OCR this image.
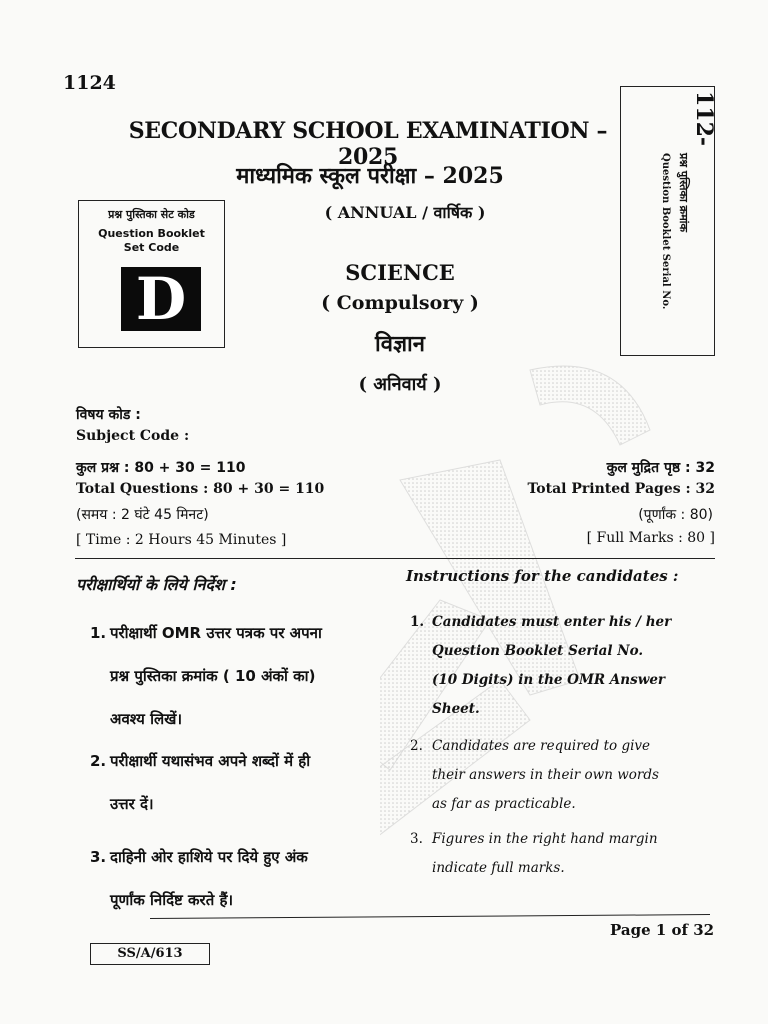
1124
SECONDARY SCHOOL EXAMINATION – 2025
माध्यमिक स्कूल परीक्षा – 2025
( ANNUAL / वार्षिक )
प्रश्न पुस्तिका सेट कोड
Question Booklet
Set Code
D
112-
प्रश्न पुस्तिका क्रमांक
Question Booklet Serial No.
SCIENCE
( Compulsory )
विज्ञान
( अनिवार्य )
विषय कोड :
Subject Code :
कुल प्रश्न : 80 + 30 = 110
Total Questions : 80 + 30 = 110
(समय : 2 घंटे 45 मिनट)
[ Time : 2 Hours 45 Minutes ]
कुल मुद्रित पृष्ठ : 32
Total Printed Pages : 32
(पूर्णांक : 80)
[ Full Marks : 80 ]
परीक्षार्थियों के लिये निर्देश :	Instructions for the candidates :
1. परीक्षार्थी OMR उत्तर पत्रक पर अपना
प्रश्न पुस्तिका क्रमांक ( 10 अंकों का)
अवश्य लिखें।
2. परीक्षार्थी यथासंभव अपने शब्दों में ही
उत्तर दें।
3. दाहिनी ओर हाशिये पर दिये हुए अंक
पूर्णांक निर्दिष्ट करते हैं।
1. Candidates must enter his / her
Question Booklet Serial No.
(10 Digits) in the OMR Answer
Sheet.
2. Candidates are required to give
their answers in their own words
as far as practicable.
3. Figures in the right hand margin
indicate full marks.
Page 1 of 32
SS/A/613
